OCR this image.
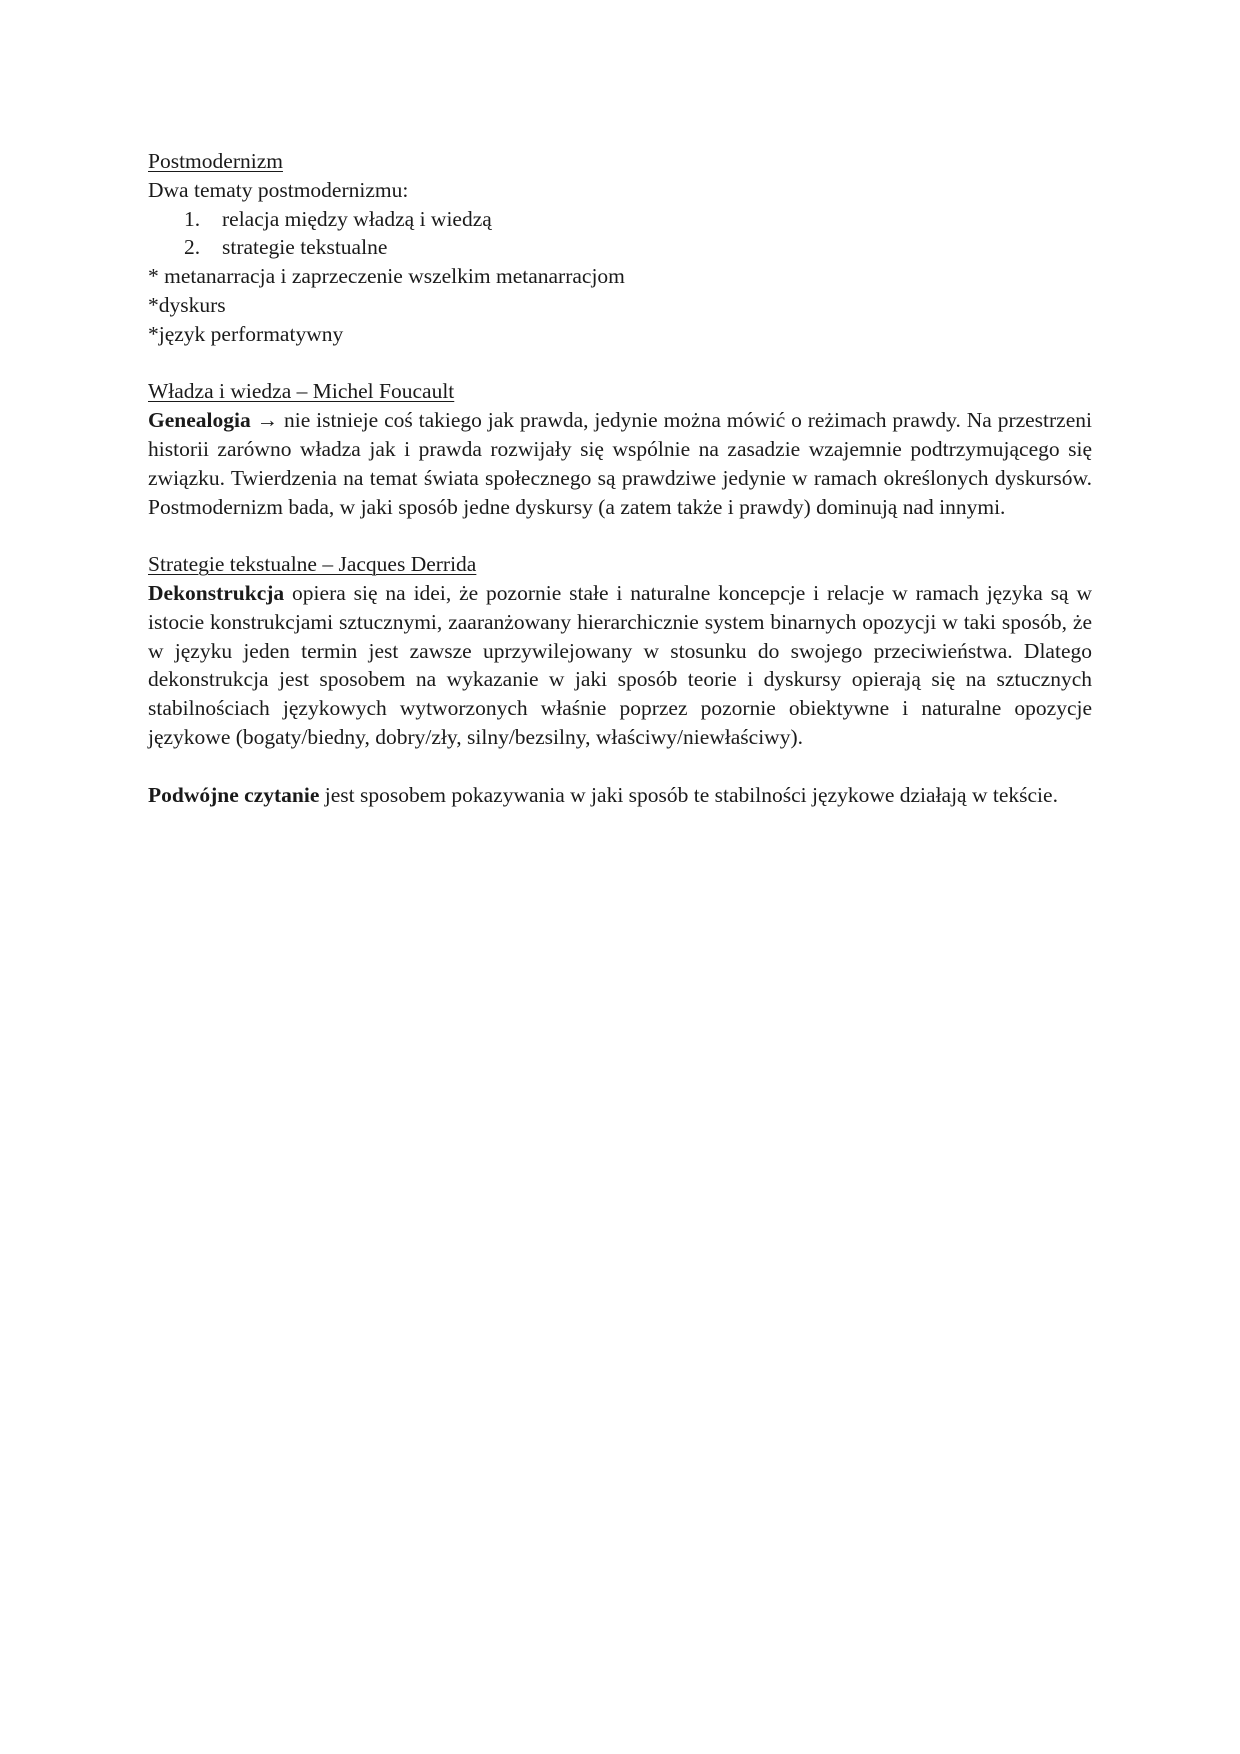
Postmodernizm
Dwa tematy postmodernizmu:
1. relacja między władzą i wiedzą
2. strategie tekstualne
* metanarracja i zaprzeczenie wszelkim metanarracjom
*dyskurs
*język performatywny
Władza i wiedza – Michel Foucault

Genealogia → nie istnieje coś takiego jak prawda, jedynie można mówić o reżimach prawdy. Na przestrzeni historii zarówno władza jak i prawda rozwijały się wspólnie na zasadzie wzajemnie podtrzymującego się związku. Twierdzenia na temat świata społecznego są prawdziwe jedynie w ramach określonych dyskursów. Postmodernizm bada, w jaki sposób jedne dyskursy (a zatem także i prawdy) dominują nad innymi.

Strategie tekstualne – Jacques Derrida

Dekonstrukcja opiera się na idei, że pozornie stałe i naturalne koncepcje i relacje w ramach języka są w istocie konstrukcjami sztucznymi, zaaranżowany hierarchicznie system binarnych opozycji w taki sposób, że w języku jeden termin jest zawsze uprzywilejowany w stosunku do swojego przeciwieństwa. Dlatego dekonstrukcja jest sposobem na wykazanie w jaki sposób teorie i dyskursy opierają się na sztucznych stabilnościach językowych wytworzonych właśnie poprzez pozornie obiektywne i naturalne opozycje językowe (bogaty/biedny, dobry/zły, silny/bezsilny, właściwy/niewłaściwy).

Podwójne czytanie jest sposobem pokazywania w jaki sposób te stabilności językowe działają w tekście.
